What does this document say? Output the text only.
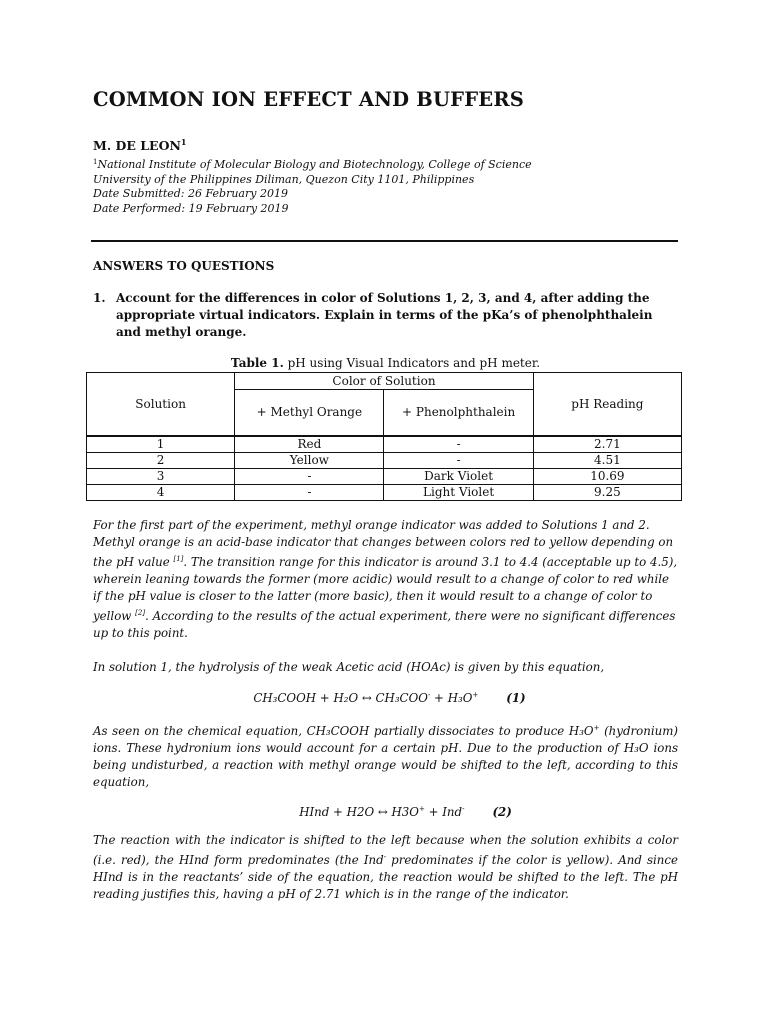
COMMON ION EFFECT AND BUFFERS
M. DE LEON$^1$
$^1$National Institute of Molecular Biology and Biotechnology, College of Science
University of the Philippines Diliman, Quezon City 1101, Philippines
Date Submitted: 26 February 2019
Date Performed: 19 February 2019
ANSWERS TO QUESTIONS
1. Account for the differences in color of Solutions 1, 2, 3, and 4, after adding the appropriate virtual indicators. Explain in terms of the pKa’s of phenolphthalein and methyl orange.
Table 1. pH using Visual Indicators and pH meter.
Solution	Color of Solution		pH Reading
	+ Methyl Orange	+ Phenolphthalein	
1	Red	-	2.71
2	Yellow	-	4.51
3	-	Dark Violet	10.69
4	-	Light Violet	9.25

For the first part of the experiment, methyl orange indicator was added to Solutions 1 and 2. Methyl orange is an acid-base indicator that changes between colors red to yellow depending on the pH value [1]. The transition range for this indicator is around 3.1 to 4.4 (acceptable up to 4.5), wherein leaning towards the former (more acidic) would result to a change of color to red while if the pH value is closer to the latter (more basic), then it would result to a change of color to yellow [2]. According to the results of the actual experiment, there were no significant differences up to this point.

In solution 1, the hydrolysis of the weak Acetic acid (HOAc) is given by this equation,

CH₃COOH + H₂O ↔ CH₃COO- + H₃O+ (1)

As seen on the chemical equation, CH₃COOH partially dissociates to produce H₃O+ (hydronium) ions. These hydronium ions would account for a certain pH. Due to the production of H₃O ions being undisturbed, a reaction with methyl orange would be shifted to the left, according to this equation,

HInd + H2O ↔ H3O+ + Ind- (2)

The reaction with the indicator is shifted to the left because when the solution exhibits a color (i.e. red), the HInd form predominates (the Ind- predominates if the color is yellow). And since HInd is in the reactants’ side of the equation, the reaction would be shifted to the left. The pH reading justifies this, having a pH of 2.71 which is in the range of the indicator.
